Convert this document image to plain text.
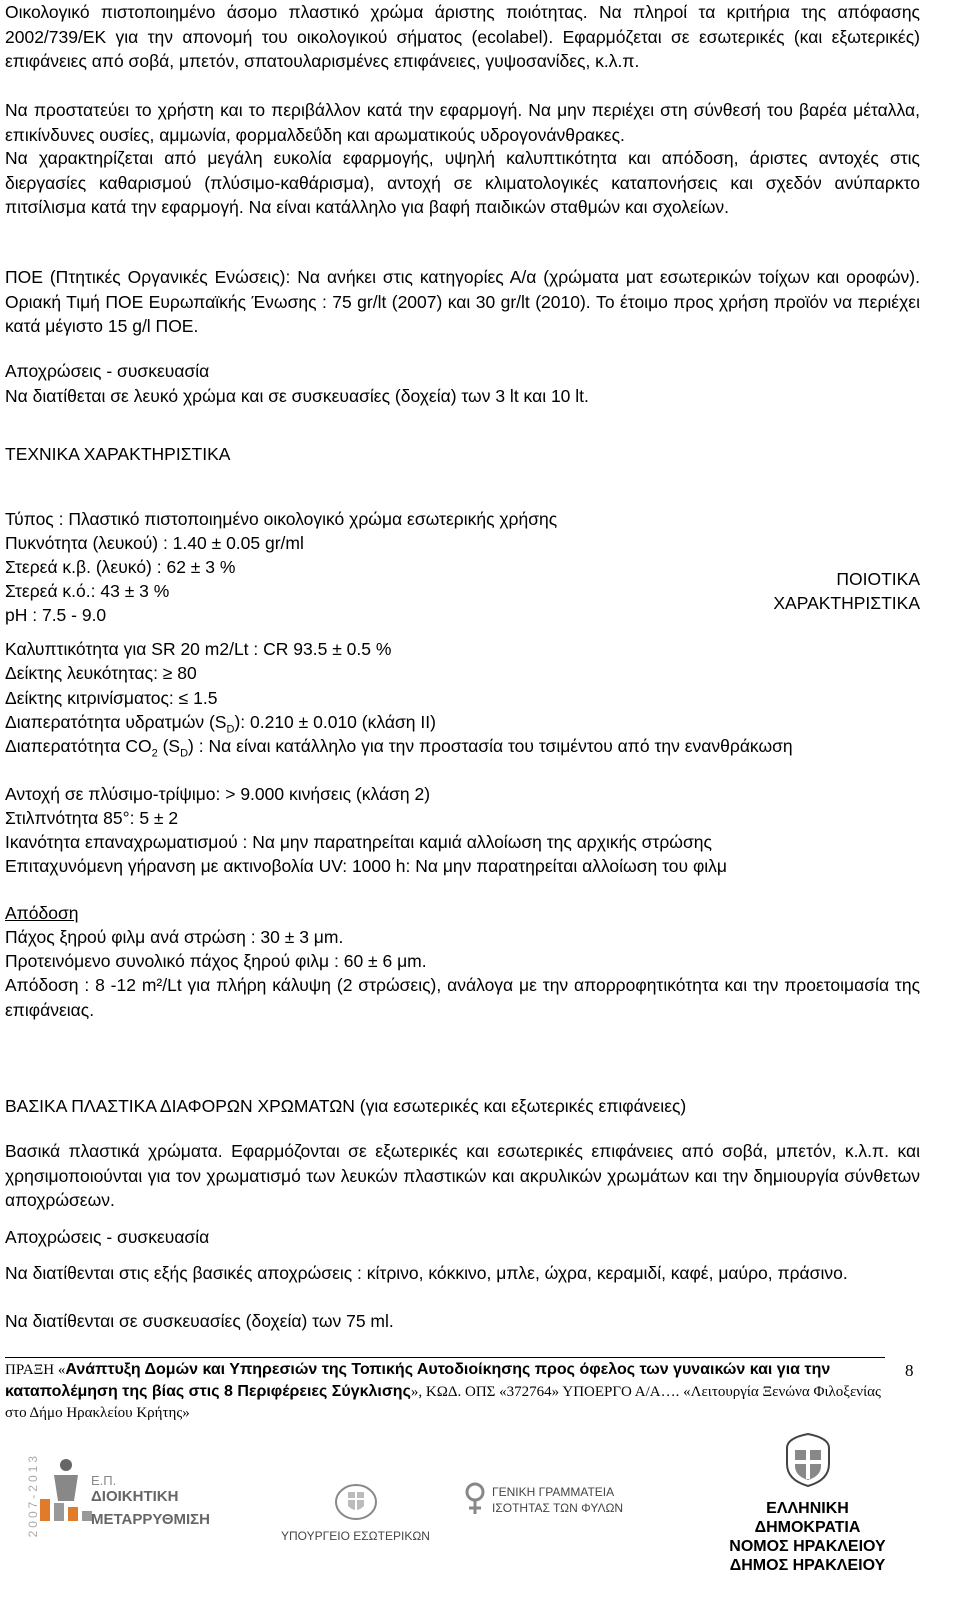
Οικολογικό πιστοποιημένο άσομο πλαστικό χρώμα άριστης ποιότητας. Να πληροί τα κριτήρια της απόφασης 2002/739/ΕΚ για την απονομή του οικολογικού σήματος (ecolabel). Εφαρμόζεται σε εσωτερικές (και εξωτερικές) επιφάνειες από σοβά, μπετόν, σπατουλαρισμένες επιφάνειες, γυψοσανίδες, κ.λ.π.
Να προστατεύει το χρήστη και το περιβάλλον κατά την εφαρμογή. Να μην περιέχει στη σύνθεσή του βαρέα μέταλλα, επικίνδυνες ουσίες, αμμωνία, φορμαλδεΰδη και αρωματικούς υδρογονάνθρακες.
Να χαρακτηρίζεται από μεγάλη ευκολία εφαρμογής, υψηλή καλυπτικότητα και απόδοση, άριστες αντοχές στις διεργασίες καθαρισμού (πλύσιμο-καθάρισμα), αντοχή σε κλιματολογικές καταπονήσεις και σχεδόν ανύπαρκτο πιτσίλισμα κατά την εφαρμογή. Να είναι κατάλληλο για βαφή παιδικών σταθμών και σχολείων.
ΠΟΕ (Πτητικές Οργανικές Ενώσεις): Να ανήκει στις κατηγορίες Α/α (χρώματα ματ εσωτερικών τοίχων και οροφών). Οριακή Τιμή ΠΟΕ Ευρωπαϊκής Ένωσης : 75 gr/lt (2007) και 30 gr/lt (2010). Το έτοιμο προς χρήση προϊόν να περιέχει κατά μέγιστο 15 g/l ΠΟΕ.
Αποχρώσεις - συσκευασία
Να διατίθεται σε λευκό χρώμα και σε συσκευασίες (δοχεία) των 3 lt και 10 lt.
ΤΕΧΝΙΚΑ ΧΑΡΑΚΤΗΡΙΣΤΙΚΑ
Τύπος : Πλαστικό πιστοποιημένο οικολογικό χρώμα εσωτερικής χρήσης
Πυκνότητα (λευκού) : 1.40 ± 0.05 gr/ml
Στερεά κ.β. (λευκό) : 62 ± 3 %
Στερεά κ.ό.: 43 ± 3 %
pH : 7.5 - 9.0
ΠΟΙΟΤΙΚΑ
ΧΑΡΑΚΤΗΡΙΣΤΙΚΑ
Καλυπτικότητα για SR 20 m2/Lt : CR 93.5 ± 0.5 %
Δείκτης λευκότητας: ≥ 80
Δείκτης κιτρινίσματος: ≤ 1.5
Διαπερατότητα υδρατμών $(S_D)$: 0.210 ± 0.010 (κλάση ΙΙ)
Διαπερατότητα $CO_2$ $(S_D)$ : Να είναι κατάλληλο για την προστασία του τσιμέντου από την ενανθράκωση
Αντοχή σε πλύσιμο-τρίψιμο: > 9.000 κινήσεις (κλάση 2)
Στιλπνότητα 85°: 5 ± 2
Ικανότητα επαναχρωματισμού : Να μην παρατηρείται καμιά αλλοίωση της αρχικής στρώσης
Επιταχυνόμενη γήρανση με ακτινοβολία UV: 1000 h: Να μην παρατηρείται αλλοίωση του φιλμ
Απόδοση
Πάχος ξηρού φιλμ ανά στρώση : 30 ± 3 μm.
Προτεινόμενο συνολικό πάχος ξηρού φιλμ : 60 ± 6 μm.
Απόδοση : 8 -12 m²/Lt για πλήρη κάλυψη (2 στρώσεις), ανάλογα με την απορροφητικότητα και την προετοιμασία της επιφάνειας.
ΒΑΣΙΚΑ ΠΛΑΣΤΙΚΑ ΔΙΑΦΟΡΩΝ ΧΡΩΜΑΤΩΝ (για εσωτερικές και εξωτερικές επιφάνειες)
Βασικά πλαστικά χρώματα. Εφαρμόζονται σε εξωτερικές και εσωτερικές επιφάνειες από σοβά, μπετόν, κ.λ.π. και χρησιμοποιούνται για τον χρωματισμό των λευκών πλαστικών και ακρυλικών χρωμάτων και την δημιουργία σύνθετων αποχρώσεων.
Αποχρώσεις - συσκευασία
Να διατίθενται στις εξής βασικές αποχρώσεις : κίτρινο, κόκκινο, μπλε, ώχρα, κεραμιδί, καφέ, μαύρο, πράσινο.
Να διατίθενται σε συσκευασίες (δοχεία) των 75 ml.
ΠΡΑΞΗ «Ανάπτυξη Δομών και Υπηρεσιών της Τοπικής Αυτοδιοίκησης προς όφελος των γυναικών και για την καταπολέμηση της βίας στις 8 Περιφέρειες Σύγκλισης», ΚΩΔ. ΟΠΣ «372764» ΥΠΟΕΡΓΟ Α/Α…. «Λειτουργία Ξενώνα Φιλοξενίας στο Δήμο Ηρακλείου Κρήτης»
8
2007-2013	Ε.Π.
ΔΙΟΙΚΗΤΙΚΗ
ΜΕΤΑΡΡΥΘΜΙΣΗ
ΥΠΟΥΡΓΕΙΟ ΕΣΩΤΕΡΙΚΩΝ
ΓΕΝΙΚΗ ΓΡΑΜΜΑΤΕΙΑ
ΙΣΟΤΗΤΑΣ ΤΩΝ ΦΥΛΩΝ	ΕΛΛΗΝΙΚΗ
ΔΗΜΟΚΡΑΤΙΑ
ΝΟΜΟΣ ΗΡΑΚΛΕΙΟΥ
ΔΗΜΟΣ ΗΡΑΚΛΕΙΟΥ
